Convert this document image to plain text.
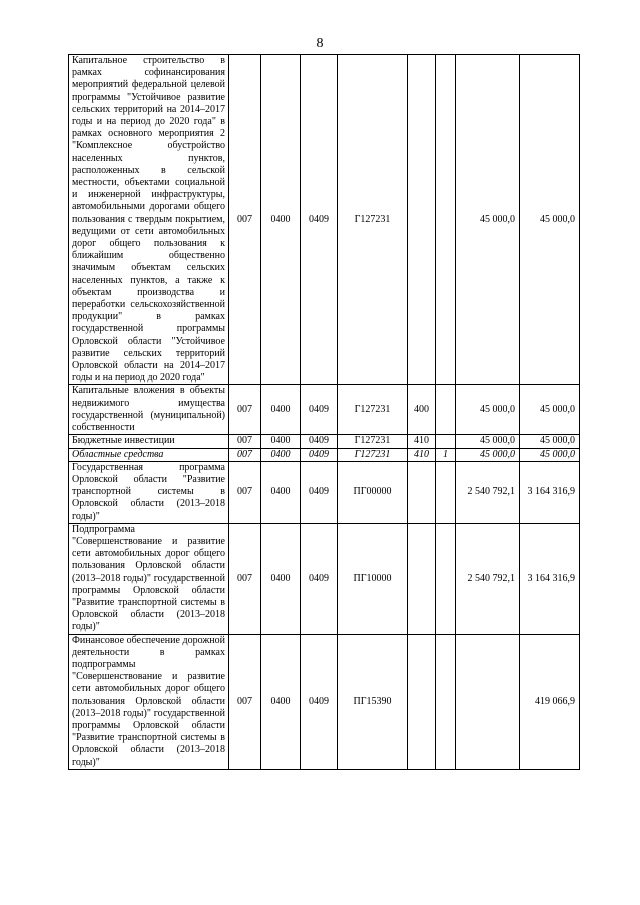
8
Капитальное строительство в рамках софинансирования мероприятий федеральной целевой программы "Устойчивое развитие сельских территорий на 2014–2017 годы и на период до 2020 года" в рамках основного мероприятия 2 "Комплексное обустройство населенных пунктов, расположенных в сельской местности, объектами социальной и инженерной инфраструктуры, автомобильными дорогами общего пользования с твердым покрытием, ведущими от сети автомобильных дорог общего пользования к ближайшим общественно значимым объектам сельских населенных пунктов, а также к объектам производства и переработки сельскохозяйственной продукции" в рамках государственной программы Орловской области "Устойчивое развитие сельских территорий Орловской области на 2014–2017 годы и на период до 2020 года"	007	0400	0409	Г127231			45 000,0	45 000,0
Капитальные вложения в объекты недвижимого имущества государственной (муниципальной) собственности	007	0400	0409	Г127231	400		45 000,0	45 000,0
Бюджетные инвестиции	007	0400	0409	Г127231	410		45 000,0	45 000,0
Областные средства	007	0400	0409	Г127231	410	1	45 000,0	45 000,0
Государственная программа Орловской области "Развитие транспортной системы в Орловской области (2013–2018 годы)"	007	0400	0409	ПГ00000			2 540 792,1	3 164 316,9
Подпрограмма "Совершенствование и развитие сети автомобильных дорог общего пользования Орловской области (2013–2018 годы)" государственной программы Орловской области "Развитие транспортной системы в Орловской области (2013–2018 годы)"	007	0400	0409	ПГ10000			2 540 792,1	3 164 316,9
Финансовое обеспечение дорожной деятельности в рамках подпрограммы "Совершенствование и развитие сети автомобильных дорог общего пользования Орловской области (2013–2018 годы)" государственной программы Орловской области "Развитие транспортной системы в Орловской области (2013–2018 годы)"	007	0400	0409	ПГ15390				419 066,9
